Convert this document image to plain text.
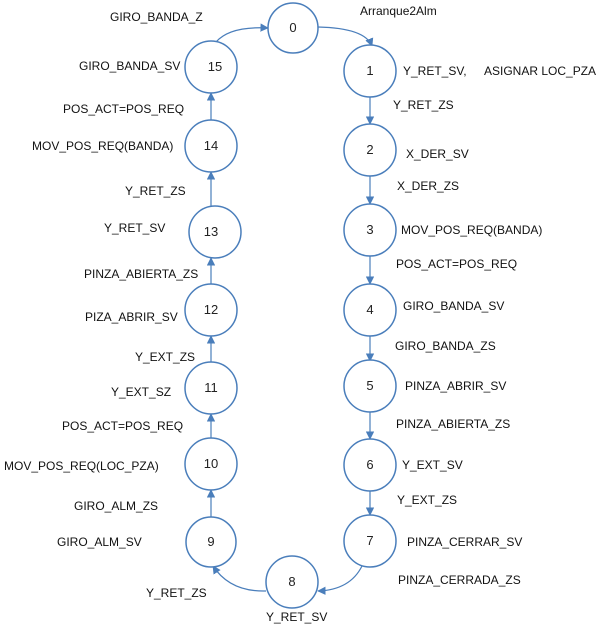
0
1
2
3
4
5
6
7
8
9
10
11
12
13
14
15
GIRO_BANDA_Z	Arranque2Alm
Y_RET_SV, ASIGNAR LOC_PZA
Y_RET_ZS
X_DER_SV
X_DER_ZS
MOV_POS_REQ(BANDA)
POS_ACT=POS_REQ
GIRO_BANDA_SV
GIRO_BANDA_ZS
PINZA_ABRIR_SV
PINZA_ABIERTA_ZS
Y_EXT_SV
Y_EXT_ZS
PINZA_CERRAR_SV
PINZA_CERRADA_ZS
Y_RET_SV
Y_RET_ZS
GIRO_ALM_SV
GIRO_ALM_ZS
MOV_POS_REQ(LOC_PZA)
POS_ACT=POS_REQ
Y_EXT_SZ
Y_EXT_ZS
PIZA_ABRIR_SV
PINZA_ABIERTA_ZS
Y_RET_SV
Y_RET_ZS
MOV_POS_REQ(BANDA)
POS_ACT=POS_REQ
GIRO_BANDA_SV
